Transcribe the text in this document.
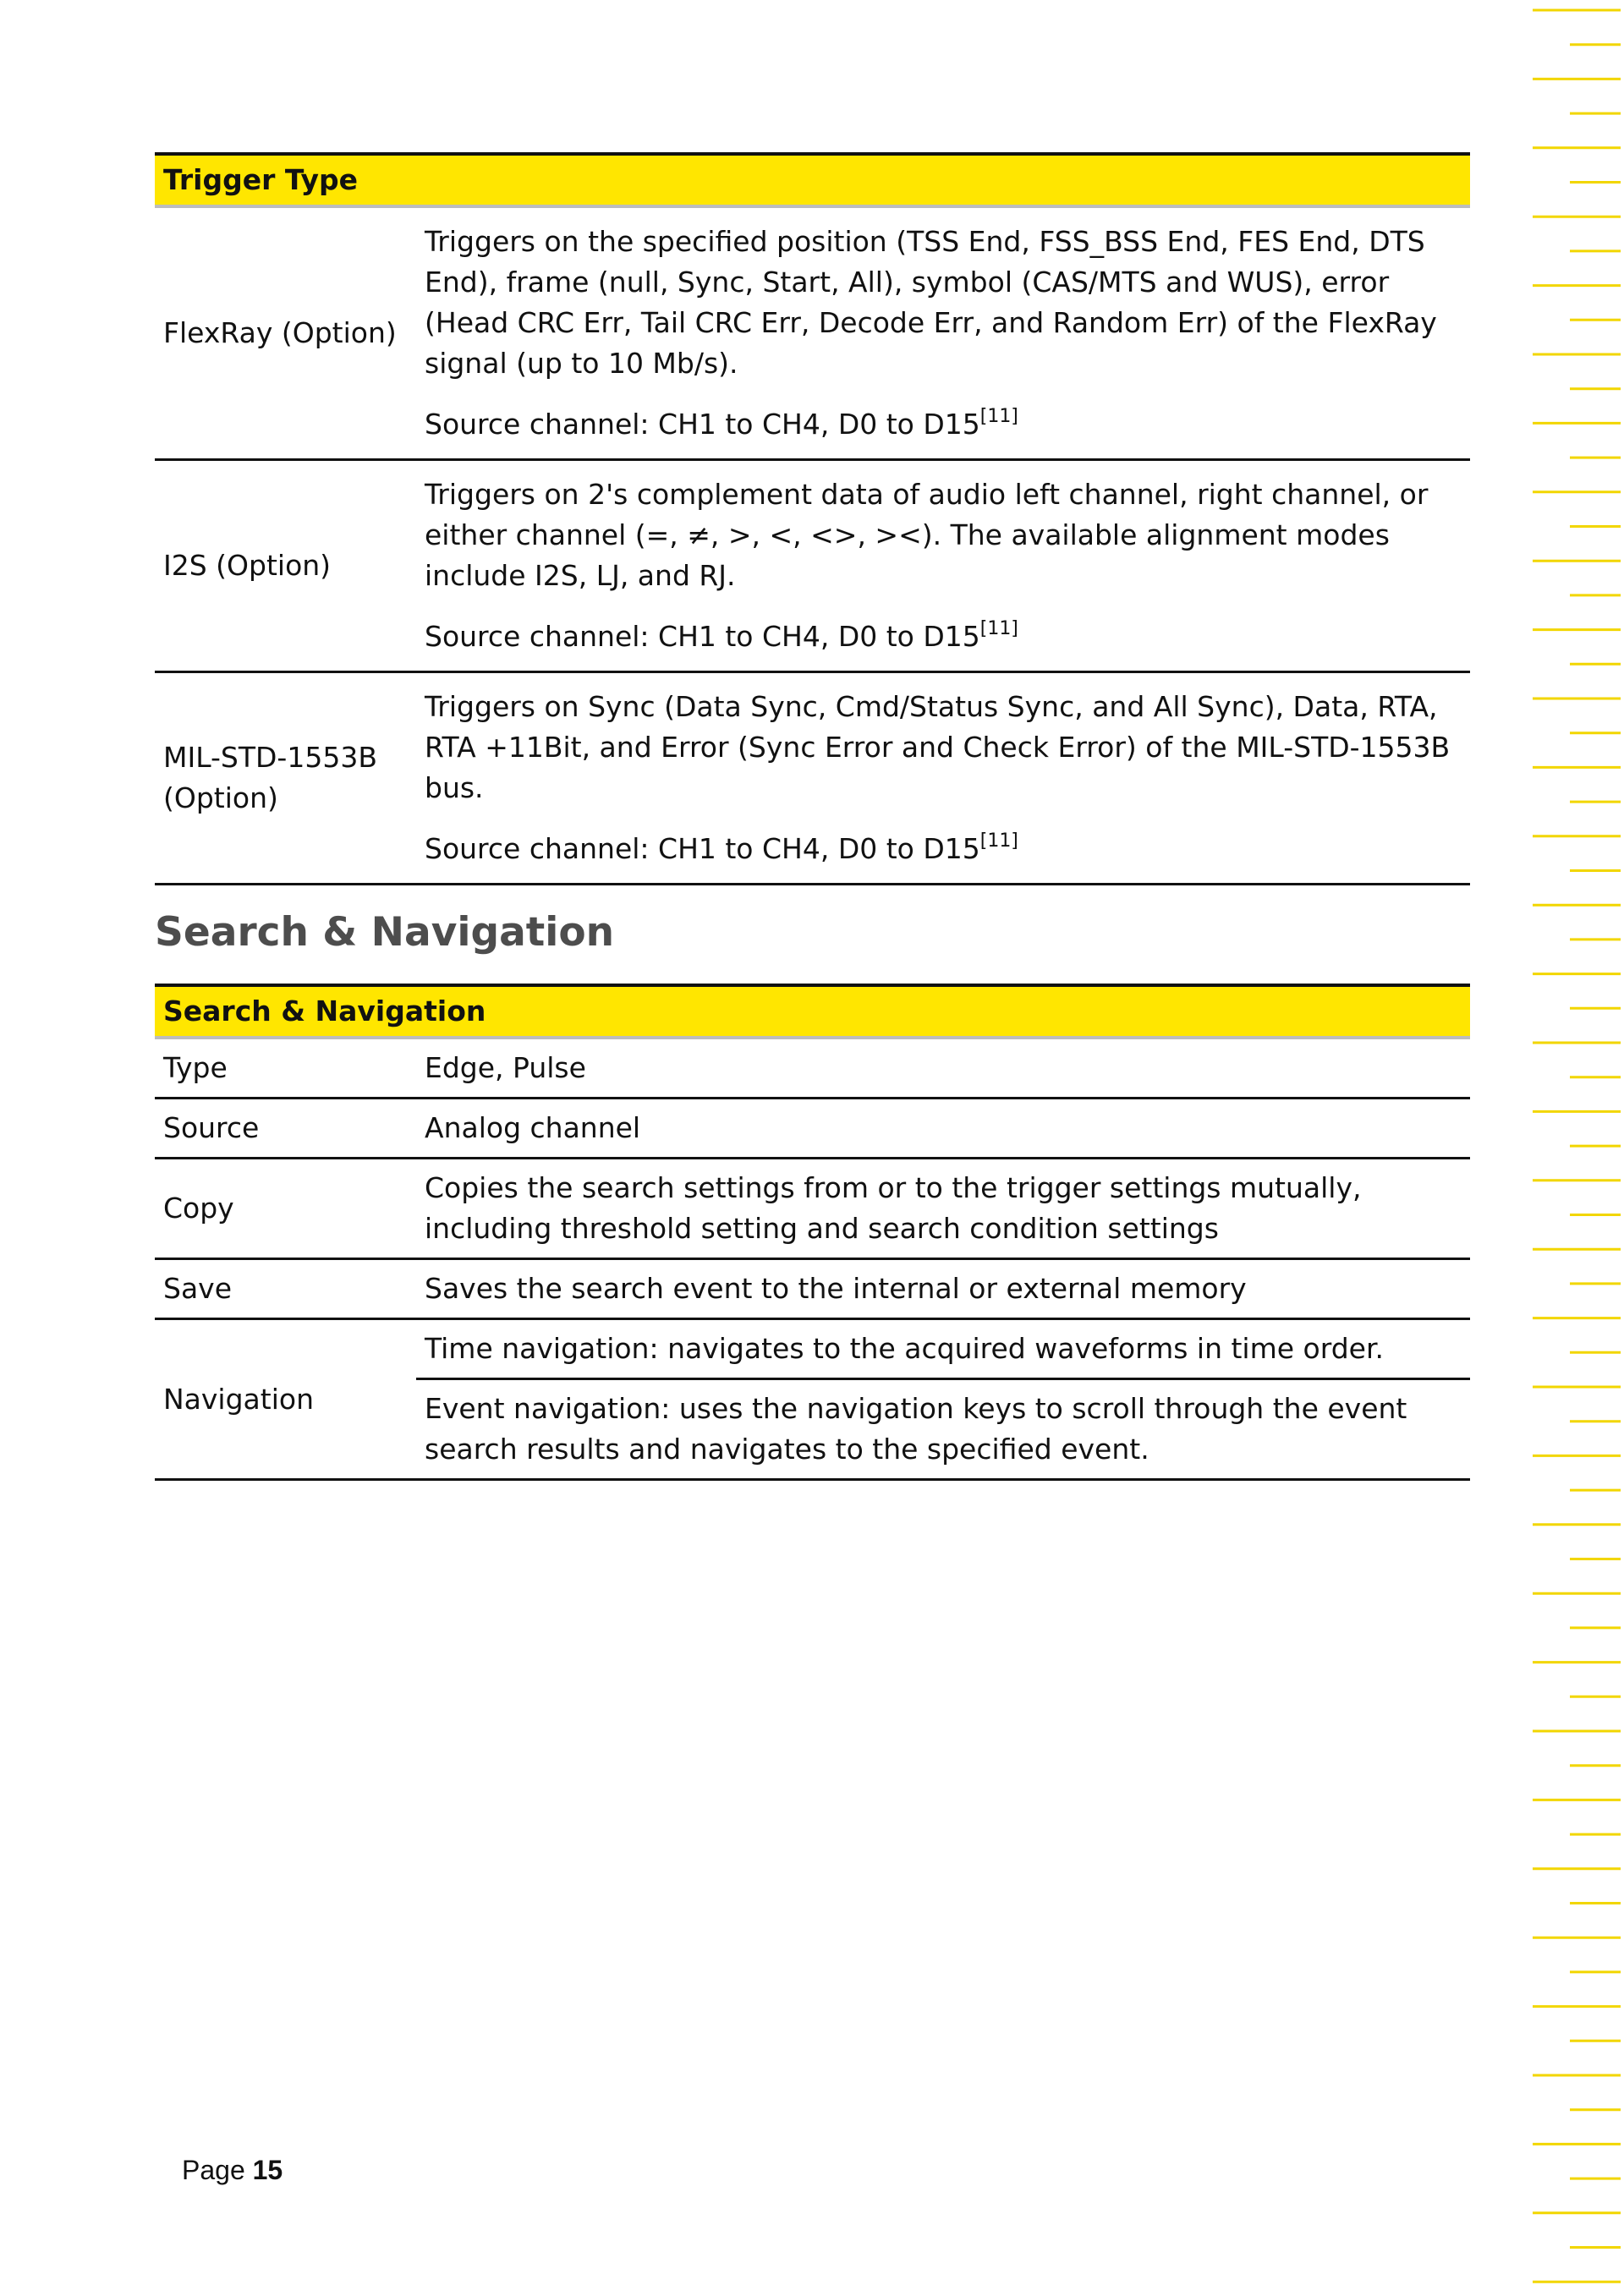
Trigger Type	
FlexRay (Option)	Triggers on the specified position (TSS End, FSS_BSS End, FES End, DTS End), frame (null, Sync, Start, All), symbol (CAS/MTS and WUS), error (Head CRC Err, Tail CRC Err, Decode Err, and Random Err) of the FlexRay signal (up to 10 Mb/s).

Source channel: CH1 to CH4, D0 to D15[11]

I2S (Option)	Triggers on 2's complement data of audio left channel, right channel, or either channel (=, ≠, >, <, <>, ><). The available alignment modes include I2S, LJ, and RJ.

Source channel: CH1 to CH4, D0 to D15[11]

MIL-STD-1553B (Option)	Triggers on Sync (Data Sync, Cmd/Status Sync, and All Sync), Data, RTA, RTA +11Bit, and Error (Sync Error and Check Error) of the MIL-STD-1553B bus.

Source channel: CH1 to CH4, D0 to D15[11]

Search & Navigation
Search & Navigation	
Type	Edge, Pulse
Source	Analog channel
Copy	Copies the search settings from or to the trigger settings mutually, including threshold setting and search condition settings
Save	Saves the search event to the internal or external memory
Navigation	Time navigation: navigates to the acquired waveforms in time order.
	Event navigation: uses the navigation keys to scroll through the event search results and navigates to the specified event.
Page 15
